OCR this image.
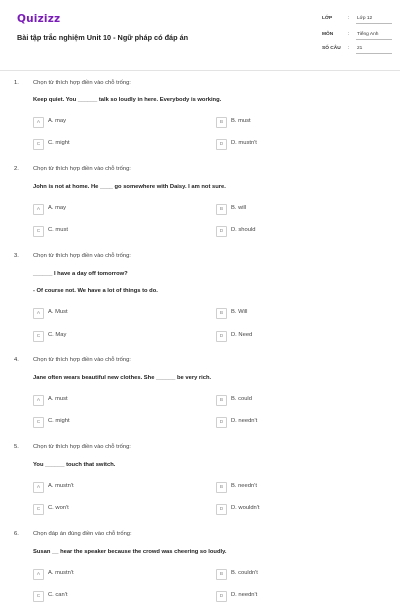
Quizizz
Bài tập trắc nghiệm Unit 10 - Ngữ pháp có đáp án
LỚP	: Lớp 12
MÔN	: Tiếng Anh
SỐ CÂU : 21
1. Chọn từ thích hợp điền vào chỗ trống:
Keep quiet. You ______ talk so loudly in here. Everybody is working.
A	A. may	B	B. must
C	C. might	D	D. mustn't
2. Chọn từ thích hợp điền vào chỗ trống:
John is not at home. He ____ go somewhere with Daisy. I am not sure.
A	A. may	B	B. will
C	C. must	D	D. should
3. Chọn từ thích hợp điền vào chỗ trống:
______ I have a day off tomorrow?
- Of course not. We have a lot of things to do.
A	A. Must	B	B. Will
C	C. May	D	D. Need
4. Chọn từ thích hợp điền vào chỗ trống:
Jane often wears beautiful new clothes. She ______ be very rich.
A	A. must	B	B. could
C	C. might	D	D. needn't
5. Chọn từ thích hợp điền vào chỗ trống:
You ______ touch that switch.
A	A. mustn't	B	B. needn't
C	C. won't	D	D. wouldn't
6. Chọn đáp án đúng điền vào chỗ trống:
Susan __ hear the speaker because the crowd was cheering so loudly.
A	A. mustn't	B	B. couldn't
C	C. can't	D	D. needn't
